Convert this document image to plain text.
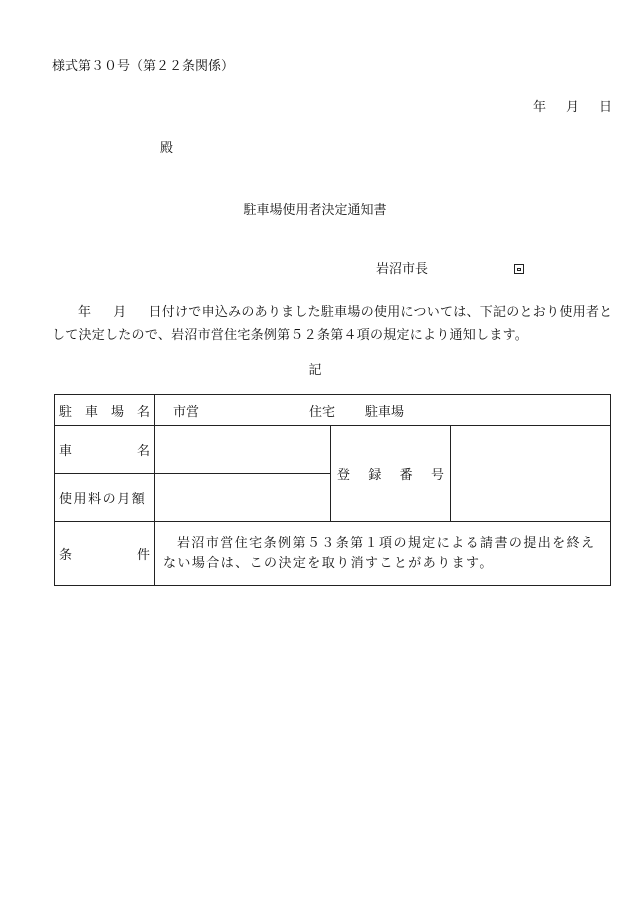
様式第３０号（第２２条関係）
年 月 日
殿
駐車場使用者決定通知書
岩沼市長
年 月 日付けで申込みのありました駐車場の使用については、下記のとおり使用者として決定したので、岩沼市営住宅条例第５２条第４項の規定により通知します。
記
駐 車 場 名	市営 住宅 駐車場		

車 名		登 録 番 号	

使用料の月額			

条 件	岩沼市営住宅条例第５３条第１項の規定による請書の提出を終えない場合は、この決定を取り消すことがあります。		
